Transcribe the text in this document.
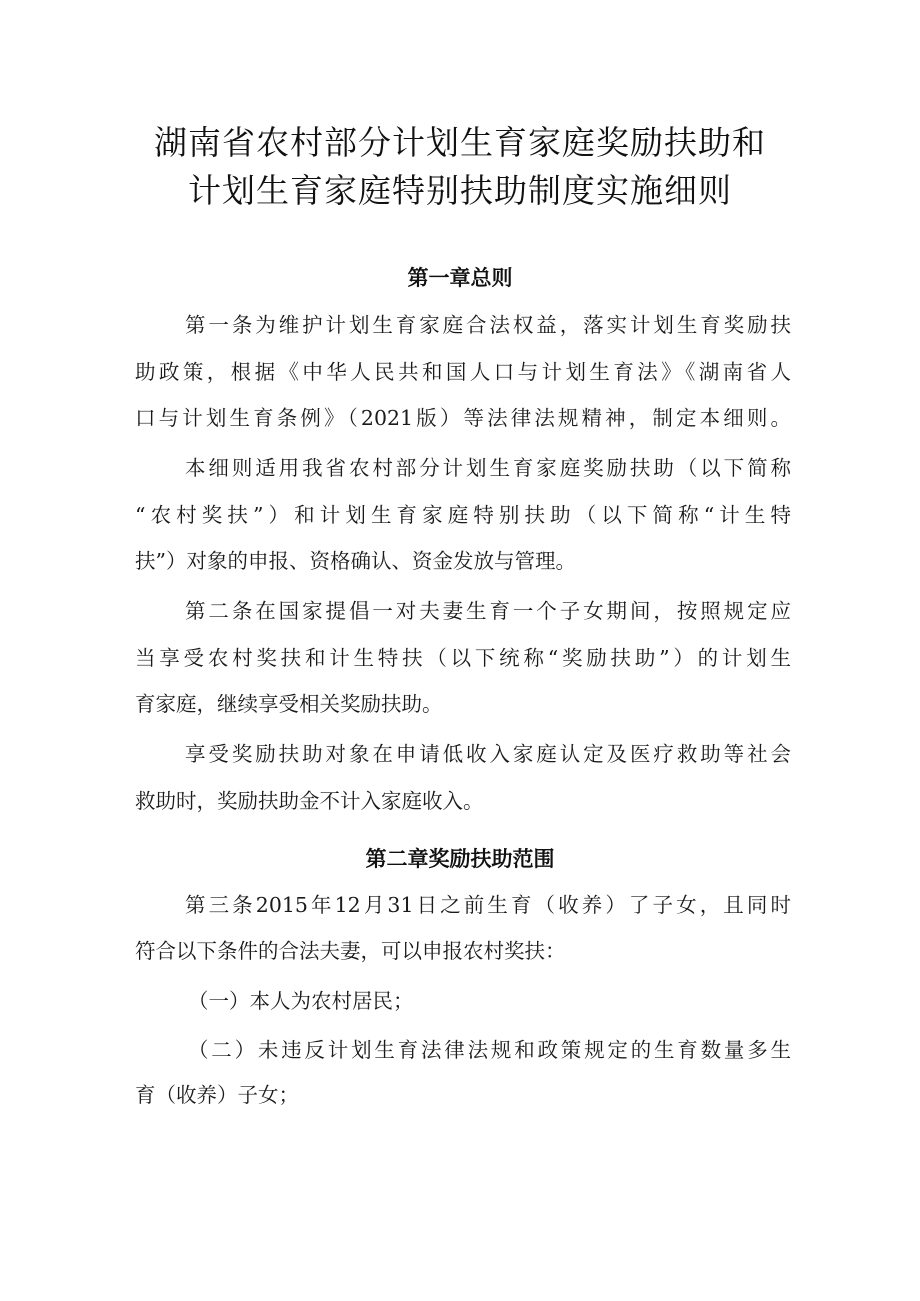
湖南省农村部分计划生育家庭奖励扶助和
计划生育家庭特别扶助制度实施细则
第一章总则
第一条为维护计划生育家庭合法权益，落实计划生育奖励扶
助政策，根据《中华人民共和国人口与计划生育法》《湖南省人
口与计划生育条例》（2021版）等法律法规精神，制定本细则。
本细则适用我省农村部分计划生育家庭奖励扶助（以下简称
“农村奖扶”）和计划生育家庭特别扶助（以下简称“计生特
扶”）对象的申报、资格确认、资金发放与管理。
第二条在国家提倡一对夫妻生育一个子女期间，按照规定应
当享受农村奖扶和计生特扶（以下统称“奖励扶助”）的计划生
育家庭，继续享受相关奖励扶助。
享受奖励扶助对象在申请低收入家庭认定及医疗救助等社会
救助时，奖励扶助金不计入家庭收入。
第二章奖励扶助范围
第三条2015年12月31日之前生育（收养）了子女，且同时
符合以下条件的合法夫妻，可以申报农村奖扶：
（一）本人为农村居民；
（二）未违反计划生育法律法规和政策规定的生育数量多生
育（收养）子女；
